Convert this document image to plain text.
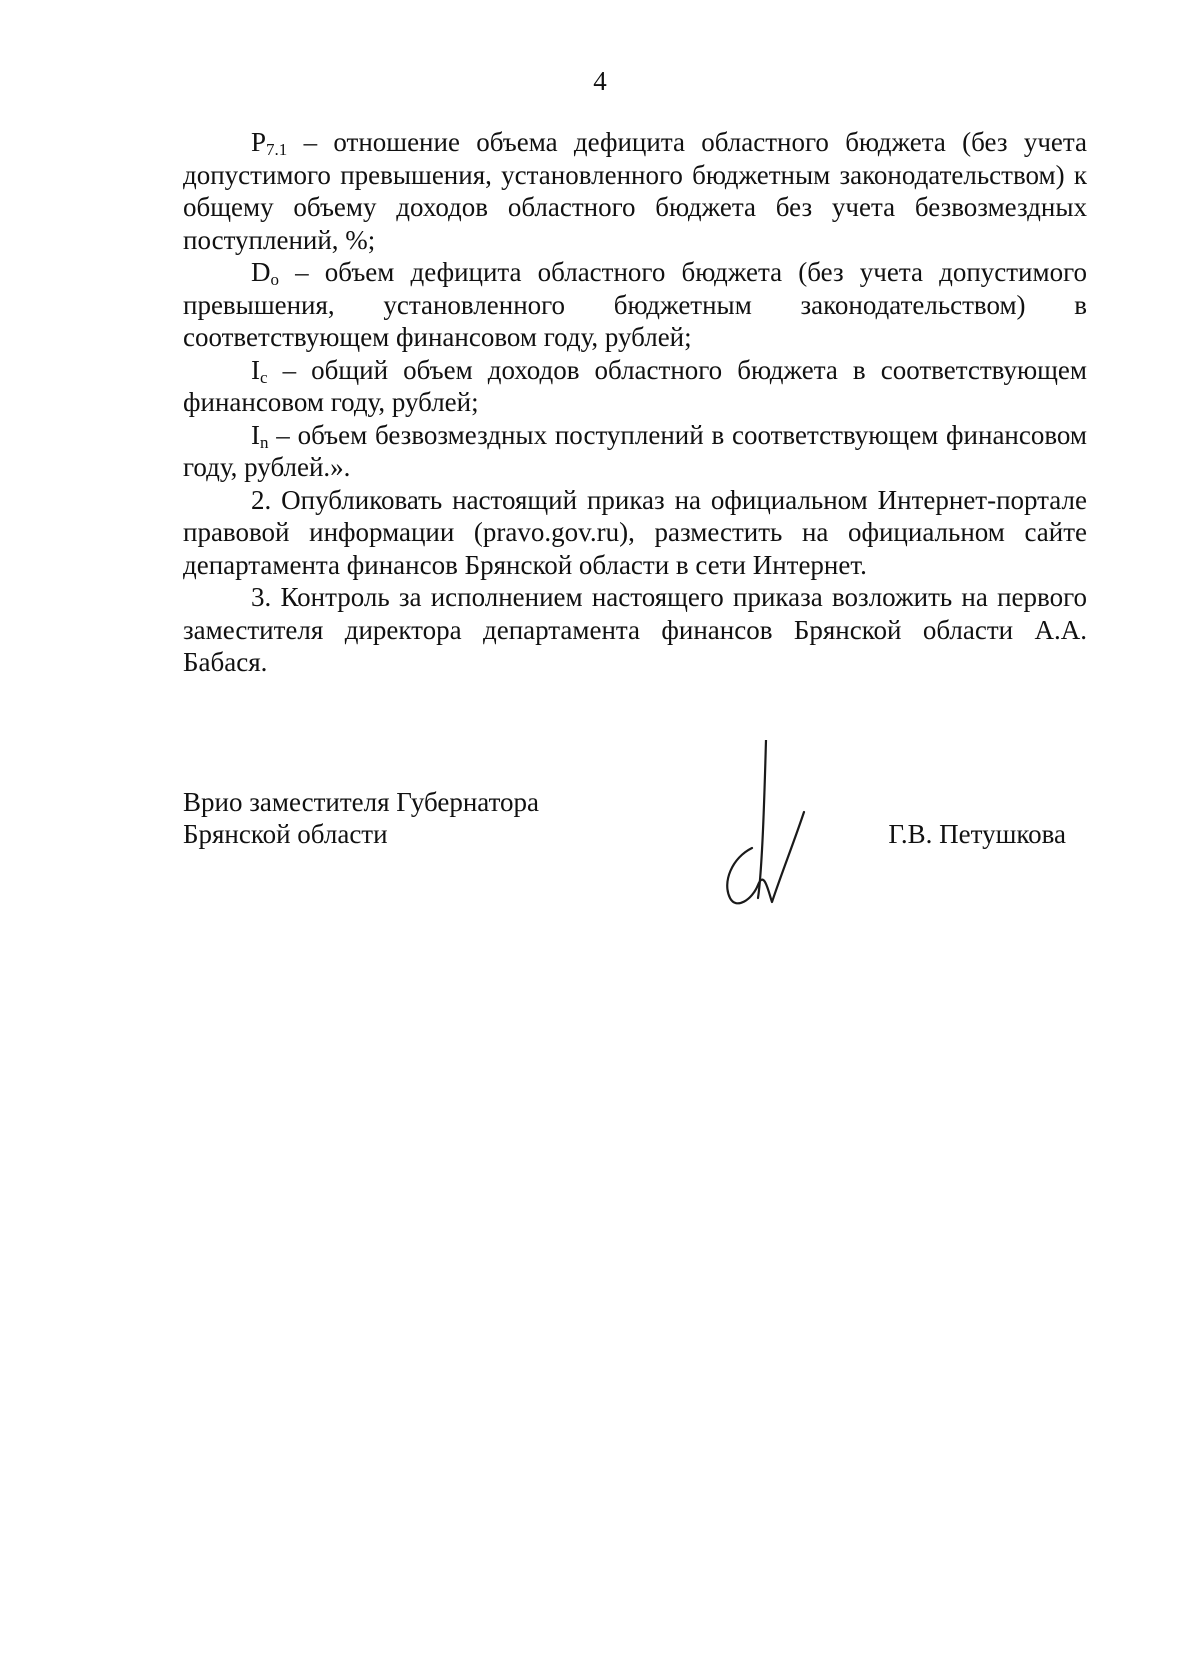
4

$P_{7.1}$ – отношение объема дефицита областного бюджета (без учета допустимого превышения, установленного бюджетным законодательством) к общему объему доходов областного бюджета без учета безвозмездных поступлений, %;

$D_o$ – объем дефицита областного бюджета (без учета допустимого превышения, установленного бюджетным законодательством) в соответствующем финансовом году, рублей;

$I_c$ – общий объем доходов областного бюджета в соответствующем финансовом году, рублей;

$I_n$ – объем безвозмездных поступлений в соответствующем финансовом году, рублей.».

2. Опубликовать настоящий приказ на официальном Интернет-портале правовой информации (pravo.gov.ru), разместить на официальном сайте департамента финансов Брянской области в сети Интернет.

3. Контроль за исполнением настоящего приказа возложить на первого заместителя директора департамента финансов Брянской области А.А. Бабася.

Врио заместителя Губернатора
Брянской области	Г.В. Петушкова
